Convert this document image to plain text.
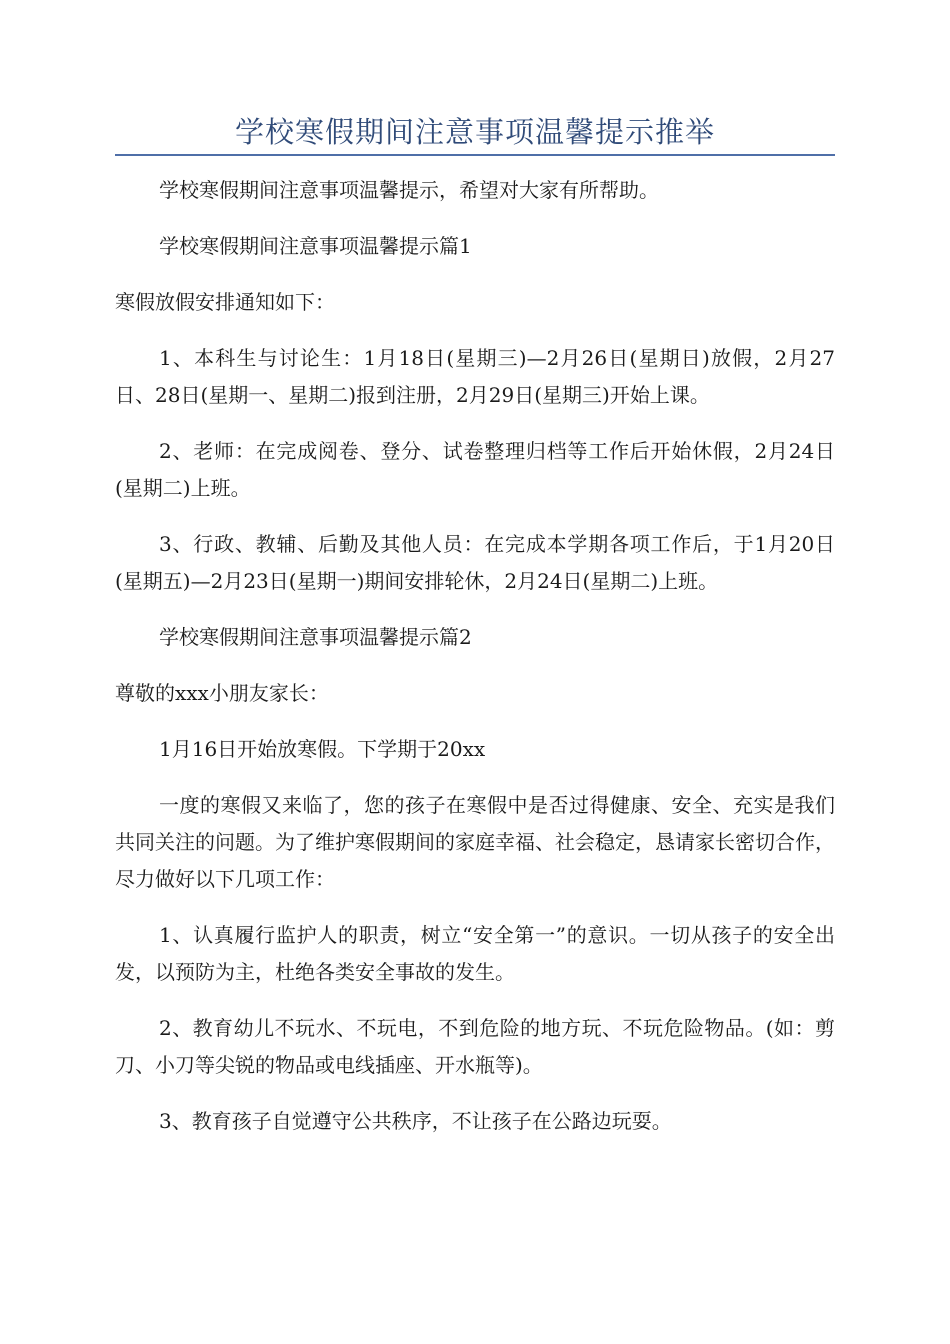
学校寒假期间注意事项温馨提示推举

学校寒假期间注意事项温馨提示，希望对大家有所帮助。

学校寒假期间注意事项温馨提示篇1

寒假放假安排通知如下：

1、本科生与讨论生：1月18日(星期三)—2月26日(星期日)放假，2月27日、28日(星期一、星期二)报到注册，2月29日(星期三)开始上课。

2、老师：在完成阅卷、登分、试卷整理归档等工作后开始休假，2月24日(星期二)上班。

3、行政、教辅、后勤及其他人员：在完成本学期各项工作后，于1月20日(星期五)—2月23日(星期一)期间安排轮休，2月24日(星期二)上班。

学校寒假期间注意事项温馨提示篇2

尊敬的xxx小朋友家长：

1月16日开始放寒假。下学期于20xx

一度的寒假又来临了，您的孩子在寒假中是否过得健康、安全、充实是我们共同关注的问题。为了维护寒假期间的家庭幸福、社会稳定，恳请家长密切合作，尽力做好以下几项工作：

1、认真履行监护人的职责，树立“安全第一”的意识。一切从孩子的安全出发，以预防为主，杜绝各类安全事故的发生。

2、教育幼儿不玩水、不玩电，不到危险的地方玩、不玩危险物品。(如：剪刀、小刀等尖锐的物品或电线插座、开水瓶等)。

3、教育孩子自觉遵守公共秩序，不让孩子在公路边玩耍。
